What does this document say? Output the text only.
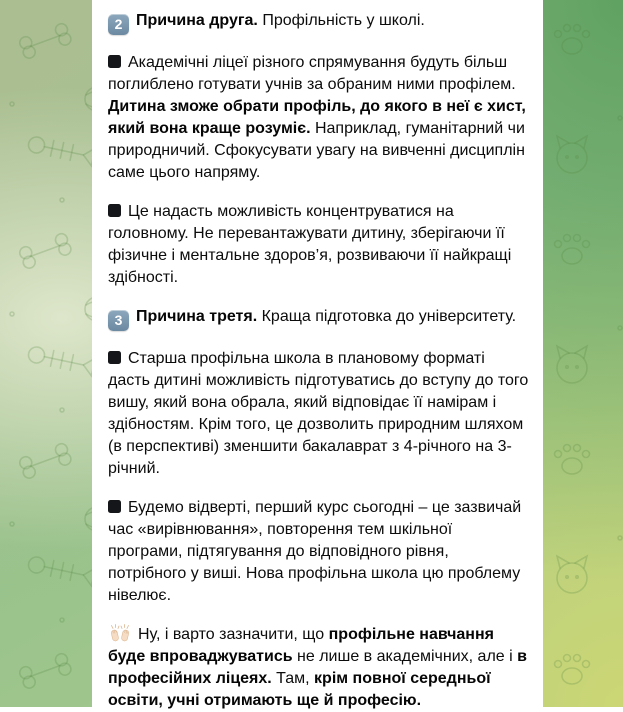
2 Причина друга. Профільність у школі.

Академічні ліцеї різного спрямування будуть більш поглиблено готувати учнів за обраним ними профілем. Дитина зможе обрати профіль, до якого в неї є хист, який вона краще розуміє. Наприклад, гуманітарний чи природничий. Сфокусувати увагу на вивченні дисциплін саме цього напряму.

Це надасть можливість концентруватися на головному. Не перевантажувати дитину, зберігаючи її фізичне і ментальне здоров’я, розвиваючи її найкращі здібності.

3 Причина третя. Краща підготовка до університету.

Старша профільна школа в плановому форматі дасть дитині можливість підготуватись до вступу до того вишу, який вона обрала, який відповідає її намірам і здібностям. Крім того, це дозволить природним шляхом (в перспективі) зменшити бакалаврат з 4-річного на 3-річний.

Будемо відверті, перший курс сьогодні – це зазвичай час «вирівнювання», повторення тем шкільної програми, підтягування до відповідного рівня, потрібного у виші. Нова профільна школа цю проблему нівелює.

Ну, і варто зазначити, що профільне навчання буде впроваджуватись не лише в академічних, але і в професійних ліцеях. Там, крім повної середньої освіти, учні отримають ще й професію.
